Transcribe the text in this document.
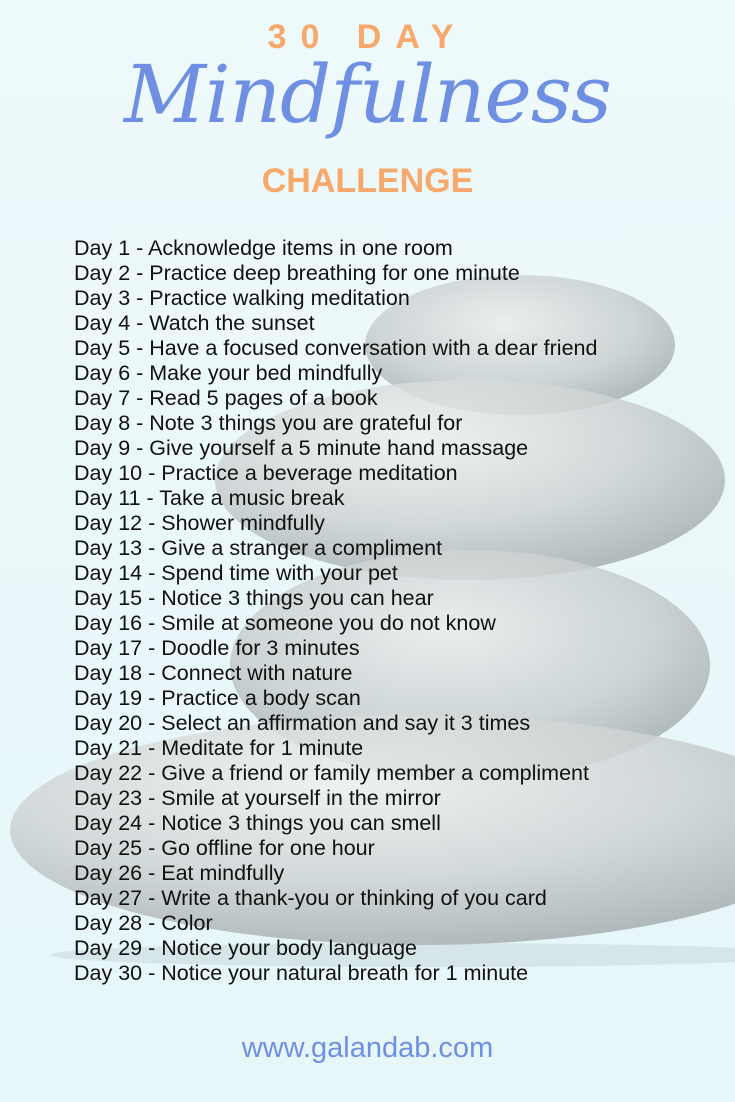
30 DAY
Mindfulness
CHALLENGE
Day 1 - Acknowledge items in one room
Day 2 - Practice deep breathing for one minute
Day 3 - Practice walking meditation
Day 4 - Watch the sunset
Day 5 - Have a focused conversation with a dear friend
Day 6 - Make your bed mindfully
Day 7 - Read 5 pages of a book
Day 8 - Note 3 things you are grateful for
Day 9 - Give yourself a 5 minute hand massage
Day 10 - Practice a beverage meditation
Day 11 - Take a music break
Day 12 - Shower mindfully
Day 13 - Give a stranger a compliment
Day 14 - Spend time with your pet
Day 15 - Notice 3 things you can hear
Day 16 - Smile at someone you do not know
Day 17 - Doodle for 3 minutes
Day 18 - Connect with nature
Day 19 - Practice a body scan
Day 20 - Select an affirmation and say it 3 times
Day 21 - Meditate for 1 minute
Day 22 - Give a friend or family member a compliment
Day 23 - Smile at yourself in the mirror
Day 24 - Notice 3 things you can smell
Day 25 - Go offline for one hour
Day 26 - Eat mindfully
Day 27 - Write a thank-you or thinking of you card
Day 28 - Color
Day 29 - Notice your body language
Day 30 - Notice your natural breath for 1 minute
www.galandab.com
